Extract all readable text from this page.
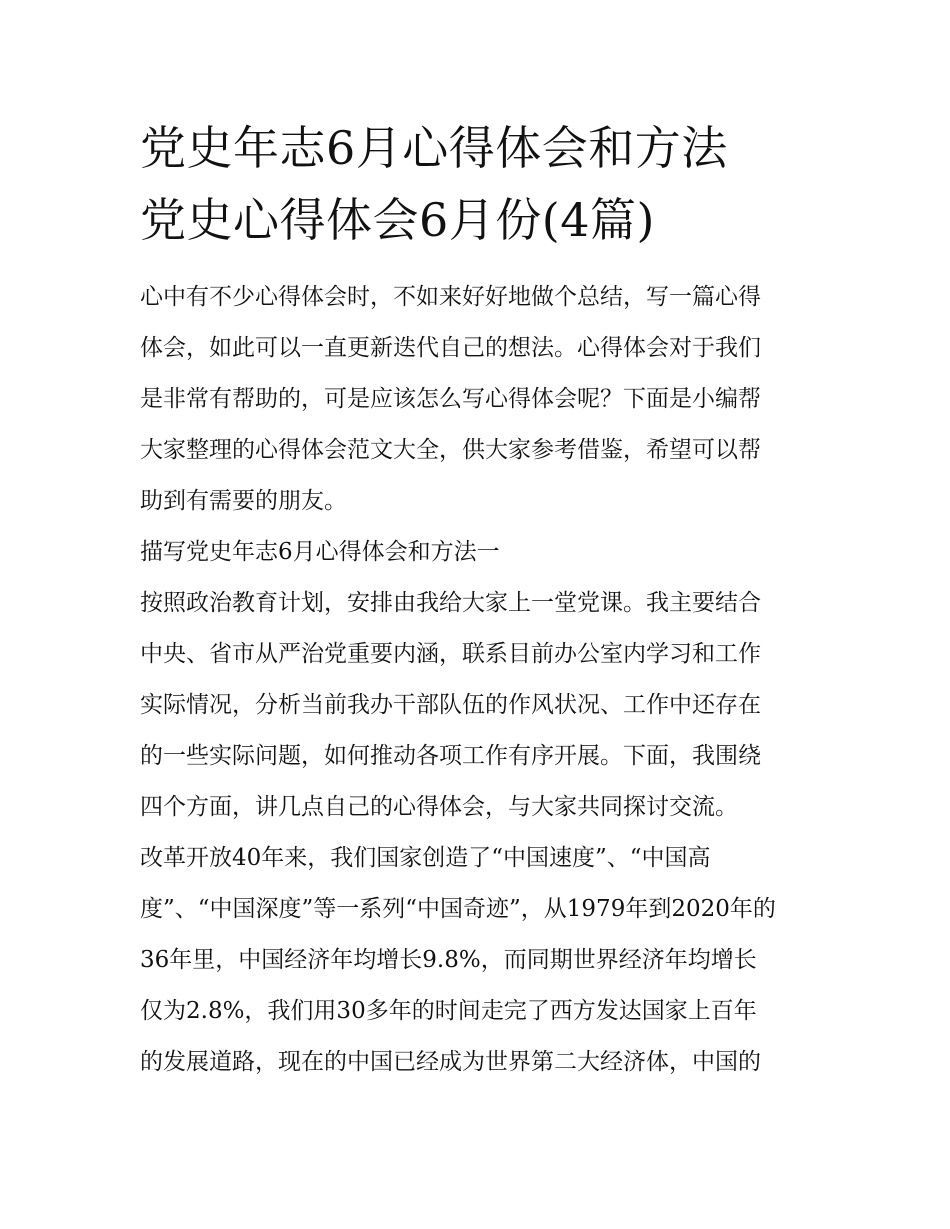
党史年志6月心得体会和方法
党史心得体会6月份(4篇)

心中有不少心得体会时，不如来好好地做个总结，写一篇心得
体会，如此可以一直更新迭代自己的想法。心得体会对于我们
是非常有帮助的，可是应该怎么写心得体会呢？下面是小编帮
大家整理的心得体会范文大全，供大家参考借鉴，希望可以帮
助到有需要的朋友。

描写党史年志6月心得体会和方法一

按照政治教育计划，安排由我给大家上一堂党课。我主要结合
中央、省市从严治党重要内涵，联系目前办公室内学习和工作
实际情况，分析当前我办干部队伍的作风状况、工作中还存在
的一些实际问题，如何推动各项工作有序开展。下面，我围绕
四个方面，讲几点自己的心得体会，与大家共同探讨交流。

改革开放40年来，我们国家创造了“中国速度”、“中国高
度”、“中国深度”等一系列“中国奇迹”，从1979年到2020年的
36年里，中国经济年均增长9.8%，而同期世界经济年均增长
仅为2.8%，我们用30多年的时间走完了西方发达国家上百年
的发展道路，现在的中国已经成为世界第二大经济体，中国的
